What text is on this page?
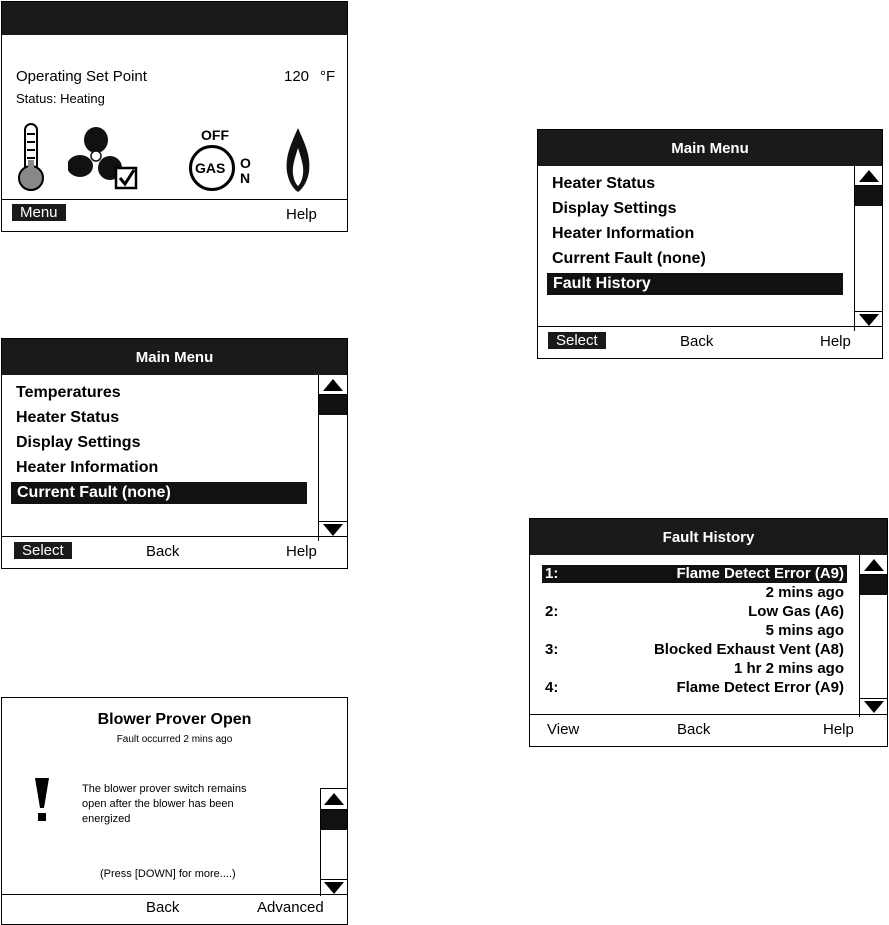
Operating Set Point	120 °F
Status: Heating
OFF
GAS O
N
Menu	Help
Main Menu
Temperatures
Heater Status
Display Settings
Heater Information
Current Fault (none)
Select	Back	Help
Blower Prover Open
Fault occurred 2 mins ago
The blower prover switch remains
open after the blower has been
energized
(Press [DOWN] for more....)
Back	Advanced
Main Menu
Heater Status
Display Settings
Heater Information
Current Fault (none)
Fault History
Select	Back	Help
Fault History
1:	Flame Detect Error (A9)
2 mins ago
2:	Low Gas (A6)
5 mins ago
3:	Blocked Exhaust Vent (A8)
1 hr 2 mins ago
4:	Flame Detect Error (A9)
View	Back	Help
